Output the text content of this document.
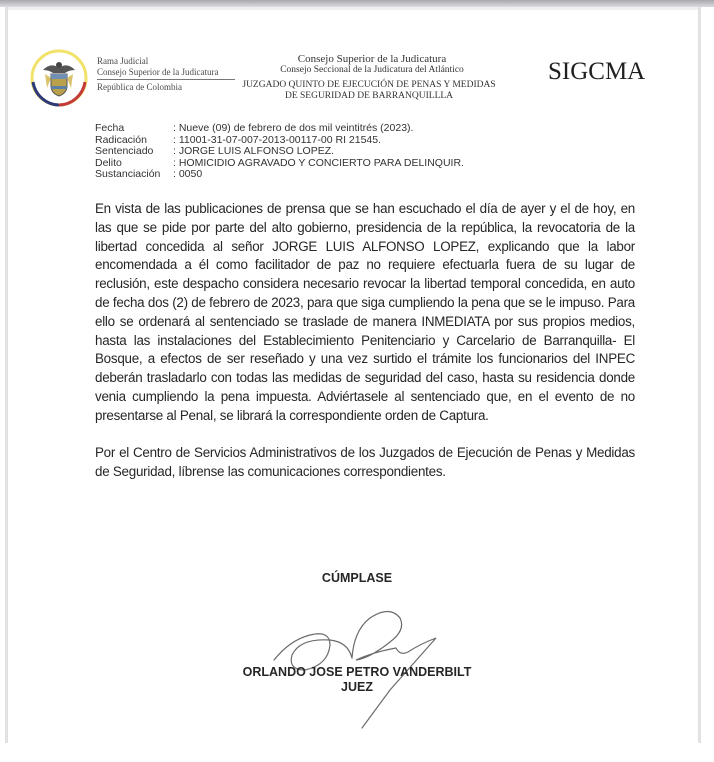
Rama Judicial
Consejo Superior de la Judicatura
República de Colombia
Consejo Superior de la Judicatura
Consejo Seccional de la Judicatura del Atlántico
JUZGADO QUINTO DE EJECUCIÓN DE PENAS Y MEDIDAS
DE SEGURIDAD DE BARRANQUILLLA
SIGCMA
Fecha	: Nueve (09) de febrero de dos mil veintitrés (2023).
Radicación	: 11001-31-07-007-2013-00117-00 RI 21545.
Sentenciado	: JORGE LUIS ALFONSO LOPEZ.
Delito	: HOMICIDIO AGRAVADO Y CONCIERTO PARA DELINQUIR.
Sustanciación	: 0050

En vista de las publicaciones de prensa que se han escuchado el día de ayer y el de hoy, en las que se pide por parte del alto gobierno, presidencia de la república, la revocatoria de la libertad concedida al señor JORGE LUIS ALFONSO LOPEZ, explicando que la labor encomendada a él como facilitador de paz no requiere efectuarla fuera de su lugar de reclusión, este despacho considera necesario revocar la libertad temporal concedida, en auto de fecha dos (2) de febrero de 2023, para que siga cumpliendo la pena que se le impuso. Para ello se ordenará al sentenciado se traslade de manera INMEDIATA por sus propios medios, hasta las instalaciones del Establecimiento Penitenciario y Carcelario de Barranquilla- El Bosque, a efectos de ser reseñado y una vez surtido el trámite los funcionarios del INPEC deberán trasladarlo con todas las medidas de seguridad del caso, hasta su residencia donde venia cumpliendo la pena impuesta. Adviértasele al sentenciado que, en el evento de no presentarse al Penal, se librará la correspondiente orden de Captura.

Por el Centro de Servicios Administrativos de los Juzgados de Ejecución de Penas y Medidas de Seguridad, líbrense las comunicaciones correspondientes.

CÚMPLASE
ORLANDO JOSE PETRO VANDERBILT
JUEZ
